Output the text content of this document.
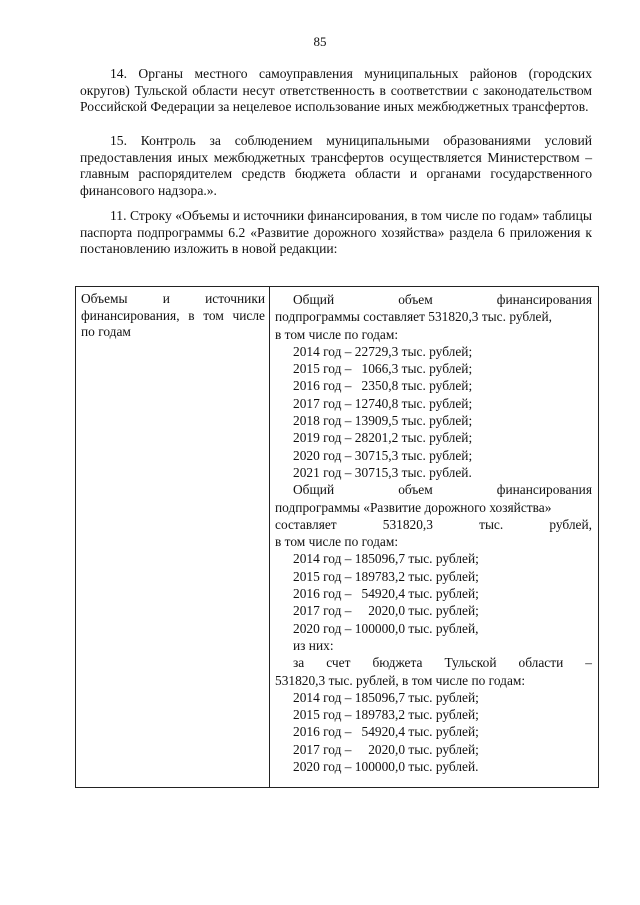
85
14. Органы местного самоуправления муниципальных районов (городских округов) Тульской области несут ответственность в соответствии с законодательством Российской Федерации за нецелевое использование иных межбюджетных трансфертов.
15. Контроль за соблюдением муниципальными образованиями условий предоставления иных межбюджетных трансфертов осуществляется Министерством – главным распорядителем средств бюджета области и органами государственного финансового надзора.».
11. Строку «Объемы и источники финансирования, в том числе по годам» таблицы паспорта подпрограммы 6.2 «Развитие дорожного хозяйства» раздела 6 приложения к постановлению изложить в новой редакции:
Объемы и источники финансирования, в том числе по годам
Общий объем финансирования
подпрограммы составляет 531820,3 тыс. рублей,
в том числе по годам:
2014 год – 22729,3 тыс. рублей;
2015 год –   1066,3 тыс. рублей;
2016 год –   2350,8 тыс. рублей;
2017 год – 12740,8 тыс. рублей;
2018 год – 13909,5 тыс. рублей;
2019 год – 28201,2 тыс. рублей;
2020 год – 30715,3 тыс. рублей;
2021 год – 30715,3 тыс. рублей.
Общий объем финансирования
подпрограммы «Развитие дорожного хозяйства»
составляет 531820,3 тыс. рублей,
в том числе по годам:
2014 год – 185096,7 тыс. рублей;
2015 год – 189783,2 тыс. рублей;
2016 год –   54920,4 тыс. рублей;
2017 год –     2020,0 тыс. рублей;
2020 год – 100000,0 тыс. рублей,
из них:
за счет бюджета Тульской области –
531820,3 тыс. рублей, в том числе по годам:
2014 год – 185096,7 тыс. рублей;
2015 год – 189783,2 тыс. рублей;
2016 год –   54920,4 тыс. рублей;
2017 год –     2020,0 тыс. рублей;
2020 год – 100000,0 тыс. рублей.
